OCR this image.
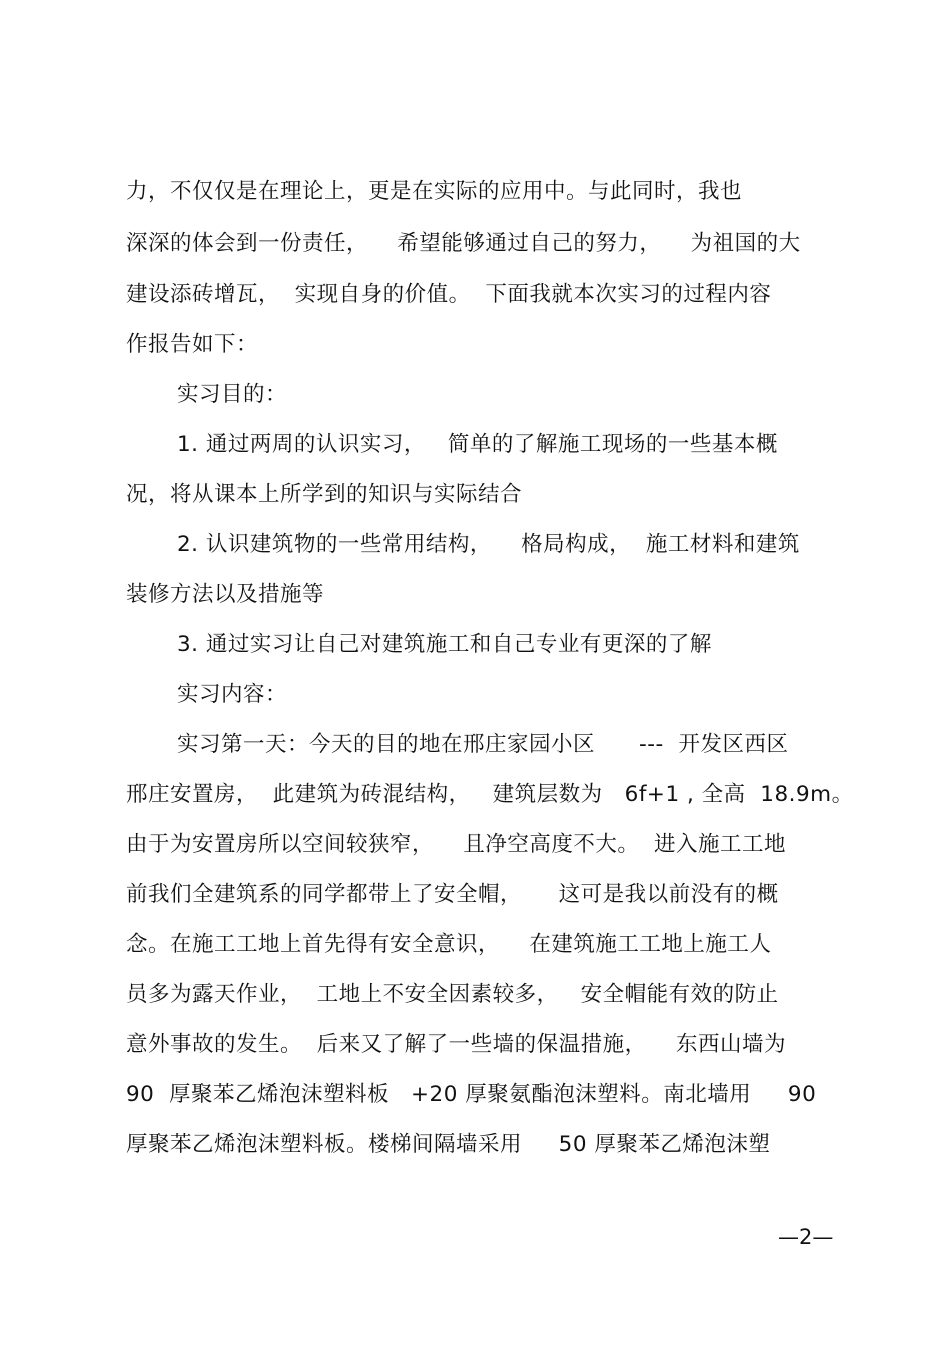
力，不仅仅是在理论上，更是在实际的应用中。与此同时，我也
深深的体会到一份责任，    希望能够通过自己的努力，    为祖国的大
建设添砖增瓦，  实现自身的价值。  下面我就本次实习的过程内容
作报告如下：
实习目的：
1. 通过两周的认识实习，   简单的了解施工现场的一些基本概
况，将从课本上所学到的知识与实际结合
2. 认识建筑物的一些常用结构，    格局构成，  施工材料和建筑
装修方法以及措施等
3. 通过实习让自己对建筑施工和自己专业有更深的了解
实习内容：
实习第一天：今天的目的地在邢庄家园小区      ---  开发区西区
邢庄安置房，  此建筑为砖混结构，   建筑层数为   6f+1 , 全高  18.9m。
由于为安置房所以空间较狭窄，    且净空高度不大。  进入施工工地
前我们全建筑系的同学都带上了安全帽，     这可是我以前没有的概
念。在施工工地上首先得有安全意识，    在建筑施工工地上施工人
员多为露天作业，  工地上不安全因素较多，   安全帽能有效的防止
意外事故的发生。  后来又了解了一些墙的保温措施，    东西山墙为
90  厚聚苯乙烯泡沫塑料板   +20 厚聚氨酯泡沫塑料。南北墙用     90
厚聚苯乙烯泡沫塑料板。楼梯间隔墙采用     50 厚聚苯乙烯泡沫塑
—2—
